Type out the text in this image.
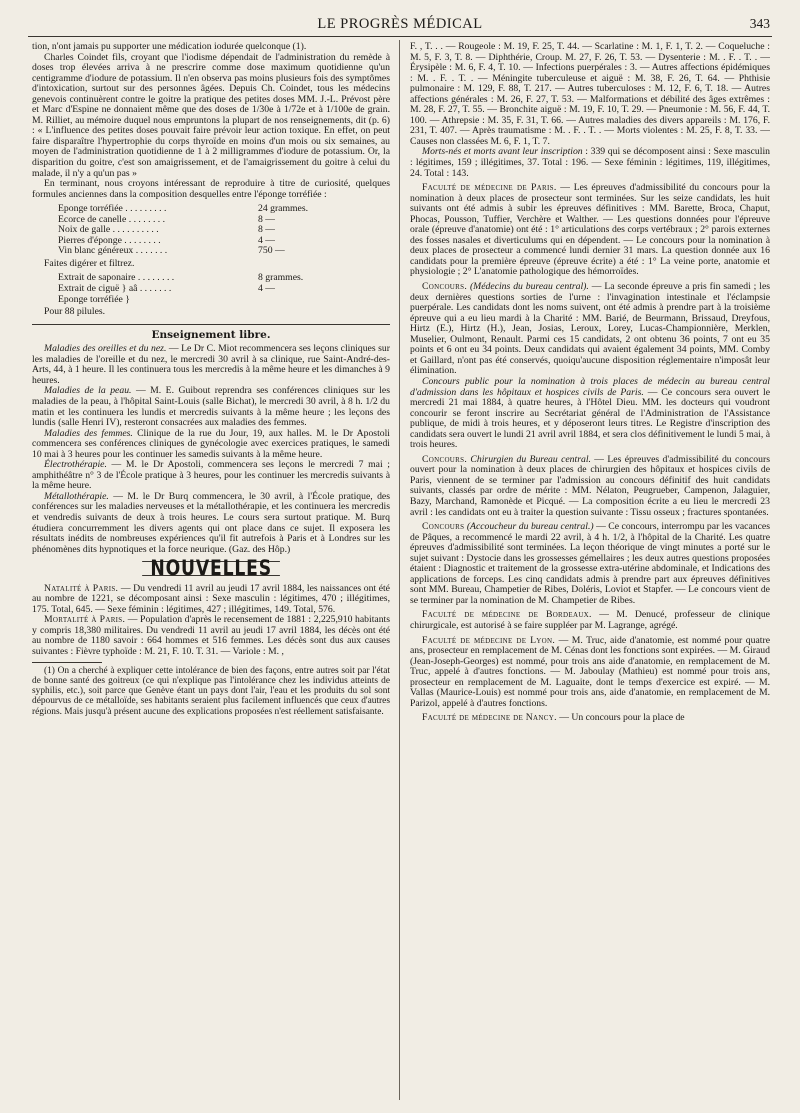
LE PROGRÈS MÉDICAL	343

tion, n'ont jamais pu supporter une médication iodurée quelconque (1).

Charles Coindet fils, croyant que l'iodisme dépendait de l'administration du remède à doses trop élevées arriva à ne prescrire comme dose maximum quotidienne qu'un centigramme d'iodure de potassium. Il n'en observa pas moins plusieurs fois des symptômes d'intoxication, surtout sur des personnes âgées. Depuis Ch. Coindet, tous les médecins genevois continuèrent contre le goitre la pratique des petites doses MM. J.-L. Prévost père et Marc d'Espine ne donnaient même que des doses de 1/30e à 1/72e et à 1/100e de grain. M. Rilliet, au mémoire duquel nous empruntons la plupart de nos renseignements, dit (p. 6) : « L'influence des petites doses pouvait faire prévoir leur action toxique. En effet, on peut faire disparaître l'hypertrophie du corps thyroïde en moins d'un mois ou six semaines, au moyen de l'administration quotidienne de 1 à 2 milligrammes d'iodure de potassium. Or, la disparition du goitre, c'est son amaigrissement, et de l'amaigrissement du goitre à celui du malade, il n'y a qu'un pas »

En terminant, nous croyons intéressant de reproduire à titre de curiosité, quelques formules anciennes dans la composition desquelles entre l'éponge torréfiée :

Éponge torréfiée . . . . . . . . .	24 grammes.
Écorce de canelle . . . . . . . .	8 —
Noix de galle . . . . . . . . . .	8 —
Pierres d'éponge . . . . . . . .	4 —
Vin blanc généreux . . . . . . .	750 —

Faites digérer et filtrez.

Extrait de saponaire . . . . . . . .	8 grammes.
Extrait de ciguë } aâ . . . . . . .	4 —
Éponge torréfiée }

Pour 88 pilules.

Enseignement libre.

Maladies des oreilles et du nez. — Le Dr C. Miot recommencera ses leçons cliniques sur les maladies de l'oreille et du nez, le mercredi 30 avril à sa clinique, rue Saint-André-des-Arts, 44, à 1 heure. Il les continuera tous les mercredis à la même heure et les dimanches à 9 heures.

Maladies de la peau. — M. E. Guibout reprendra ses conférences cliniques sur les maladies de la peau, à l'hôpital Saint-Louis (salle Bichat), le mercredi 30 avril, à 8 h. 1/2 du matin et les continuera les lundis et mercredis suivants à la même heure ; les leçons des lundis (salle Henri IV), resteront consacrées aux maladies des femmes.

Maladies des femmes. Clinique de la rue du Jour, 19, aux halles. M. le Dr Apostoli commencera ses conférences cliniques de gynécologie avec exercices pratiques, le samedi 10 mai à 3 heures pour les continuer les samedis suivants à la même heure.

Électrothérapie. — M. le Dr Apostoli, commencera ses leçons le mercredi 7 mai ; amphithéâtre n° 3 de l'École pratique à 3 heures, pour les continuer les mercredis suivants à la même heure.

Métallothérapie. — M. le Dr Burq commencera, le 30 avril, à l'École pratique, des conférences sur les maladies nerveuses et la métallothérapie, et les continuera les mercredis et vendredis suivants de deux à trois heures. Le cours sera surtout pratique. M. Burq étudiera concurremment les divers agents qui ont place dans ce sujet. Il exposera les résultats inédits de nombreuses expériences qu'il fit autrefois à Paris et à Londres sur les phénomènes dits hypnotiques et la force neurique. (Gaz. des Hôp.)

NOUVELLES

Natalité à Paris. — Du vendredi 11 avril au jeudi 17 avril 1884, les naissances ont été au nombre de 1221, se décomposant ainsi : Sexe masculin : légitimes, 470 ; illégitimes, 175. Total, 645. — Sexe féminin : légitimes, 427 ; illégitimes, 149. Total, 576.

Mortalité à Paris. — Population d'après le recensement de 1881 : 2,225,910 habitants y compris 18,380 militaires. Du vendredi 11 avril au jeudi 17 avril 1884, les décès ont été au nombre de 1180 savoir : 664 hommes et 516 femmes. Les décès sont dus aux causes suivantes : Fièvre typhoïde : M. 21, F. 10. T. 31. — Variole : M. ,

(1) On a cherché à expliquer cette intolérance de bien des façons, entre autres soit par l'état de bonne santé des goitreux (ce qui n'explique pas l'intolérance chez les individus atteints de syphilis, etc.), soit parce que Genève étant un pays dont l'air, l'eau et les produits du sol sont dépourvus de ce métalloïde, ses habitants seraient plus facilement influencés que ceux d'autres régions. Mais jusqu'à présent aucune des explications proposées n'est réellement satisfaisante.

F. , T. . . — Rougeole : M. 19, F. 25, T. 44. — Scarlatine : M. 1, F. 1, T. 2. — Coqueluche : M. 5, F. 3, T. 8. — Diphthérie, Croup. M. 27, F. 26, T. 53. — Dysenterie : M. . F. . T. . — Érysipèle : M. 6, F. 4, T. 10. — Infections puerpérales : 3. — Autres affections épidémiques : M. . F. . T. . — Méningite tuberculeuse et aiguë : M. 38, F. 26, T. 64. — Phthisie pulmonaire : M. 129, F. 88, T. 217. — Autres tuberculoses : M. 12, F. 6, T. 18. — Autres affections générales : M. 26, F. 27, T. 53. — Malformations et débilité des âges extrêmes : M. 28, F. 27, T. 55. — Bronchite aiguë : M. 19, F. 10, T. 29. — Pneumonie : M. 56, F. 44, T. 100. — Athrepsie : M. 35, F. 31, T. 66. — Autres maladies des divers appareils : M. 176, F. 231, T. 407. — Après traumatisme : M. . F. . T. . — Morts violentes : M. 25, F. 8, T. 33. — Causes non classées M. 6, F. 1, T. 7.

Morts-nés et morts avant leur inscription : 339 qui se décomposent ainsi : Sexe masculin : légitimes, 159 ; illégitimes, 37. Total : 196. — Sexe féminin : légitimes, 119, illégitimes, 24. Total : 143.

Faculté de médecine de Paris. — Les épreuves d'admissibilité du concours pour la nomination à deux places de prosecteur sont terminées. Sur les seize candidats, les huit suivants ont été admis à subir les épreuves définitives : MM. Barette, Broca, Chaput, Phocas, Pousson, Tuffier, Verchère et Walther. — Les questions données pour l'épreuve orale (épreuve d'anatomie) ont été : 1° articulations des corps vertébraux ; 2° parois externes des fosses nasales et diverticulums qui en dépendent. — Le concours pour la nomination à deux places de prosecteur a commencé lundi dernier 31 mars. La question donnée aux 16 candidats pour la première épreuve (épreuve écrite) a été : 1° La veine porte, anatomie et physiologie ; 2° L'anatomie pathologique des hémorroïdes.

Concours. (Médecins du bureau central). — La seconde épreuve a pris fin samedi ; les deux dernières questions sorties de l'urne : l'invagination intestinale et l'éclampsie puerpérale. Les candidats dont les noms suivent, ont été admis à prendre part à la troisième épreuve qui a eu lieu mardi à la Charité : MM. Barié, de Beurmann, Brissaud, Dreyfous, Hirtz (E.), Hirtz (H.), Jean, Josias, Leroux, Lorey, Lucas-Championnière, Merklen, Muselier, Oulmont, Renault. Parmi ces 15 candidats, 2 ont obtenu 36 points, 7 ont eu 35 points et 6 ont eu 34 points. Deux candidats qui avaient également 34 points, MM. Comby et Gaillard, n'ont pas été conservés, quoiqu'aucune disposition réglementaire n'imposât leur élimination.

Concours public pour la nomination à trois places de médecin au bureau central d'admission dans les hôpitaux et hospices civils de Paris. — Ce concours sera ouvert le mercredi 21 mai 1884, à quatre heures, à l'Hôtel Dieu. MM. les docteurs qui voudront concourir se feront inscrire au Secrétariat général de l'Administration de l'Assistance publique, de midi à trois heures, et y déposeront leurs titres. Le Registre d'inscription des candidats sera ouvert le lundi 21 avril avril 1884, et sera clos définitivement le lundi 5 mai, à trois heures.

Concours. Chirurgien du Bureau central. — Les épreuves d'admissibilité du concours ouvert pour la nomination à deux places de chirurgien des hôpitaux et hospices civils de Paris, viennent de se terminer par l'admission au concours définitif des huit candidats suivants, classés par ordre de mérite : MM. Nélaton, Peugrueber, Campenon, Jalaguier, Bazy, Marchand, Ramonède et Picqué. — La composition écrite a eu lieu le mercredi 23 avril : les candidats ont eu à traiter la question suivante : Tissu osseux ; fractures spontanées.

Concours (Accoucheur du bureau central.) — Ce concours, interrompu par les vacances de Pâques, a recommencé le mardi 22 avril, à 4 h. 1/2, à l'hôpital de la Charité. Les quatre épreuves d'admissibilité sont terminées. La leçon théorique de vingt minutes a porté sur le sujet suivant : Dystocie dans les grossesses gémellaires ; les deux autres questions proposées étaient : Diagnostic et traitement de la grossesse extra-utérine abdominale, et Indications des applications de forceps. Les cinq candidats admis à prendre part aux épreuves définitives sont MM. Bureau, Champetier de Ribes, Doléris, Loviot et Stapfer. — Le concours vient de se terminer par la nomination de M. Champetier de Ribes.

Faculté de médecine de Bordeaux. — M. Denucé, professeur de clinique chirurgicale, est autorisé à se faire suppléer par M. Lagrange, agrégé.

Faculté de médecine de Lyon. — M. Truc, aide d'anatomie, est nommé pour quatre ans, prosecteur en remplacement de M. Cénas dont les fonctions sont expirées. — M. Giraud (Jean-Joseph-Georges) est nommé, pour trois ans aide d'anatomie, en remplacement de M. Truc, appelé à d'autres fonctions. — M. Jaboulay (Mathieu) est nommé pour trois ans, prosecteur en remplacement de M. Laguaite, dont le temps d'exercice est expiré. — M. Vallas (Maurice-Louis) est nommé pour trois ans, aide d'anatomie, en remplacement de M. Parizol, appelé à d'autres fonctions.

Faculté de médecine de Nancy. — Un concours pour la place de
